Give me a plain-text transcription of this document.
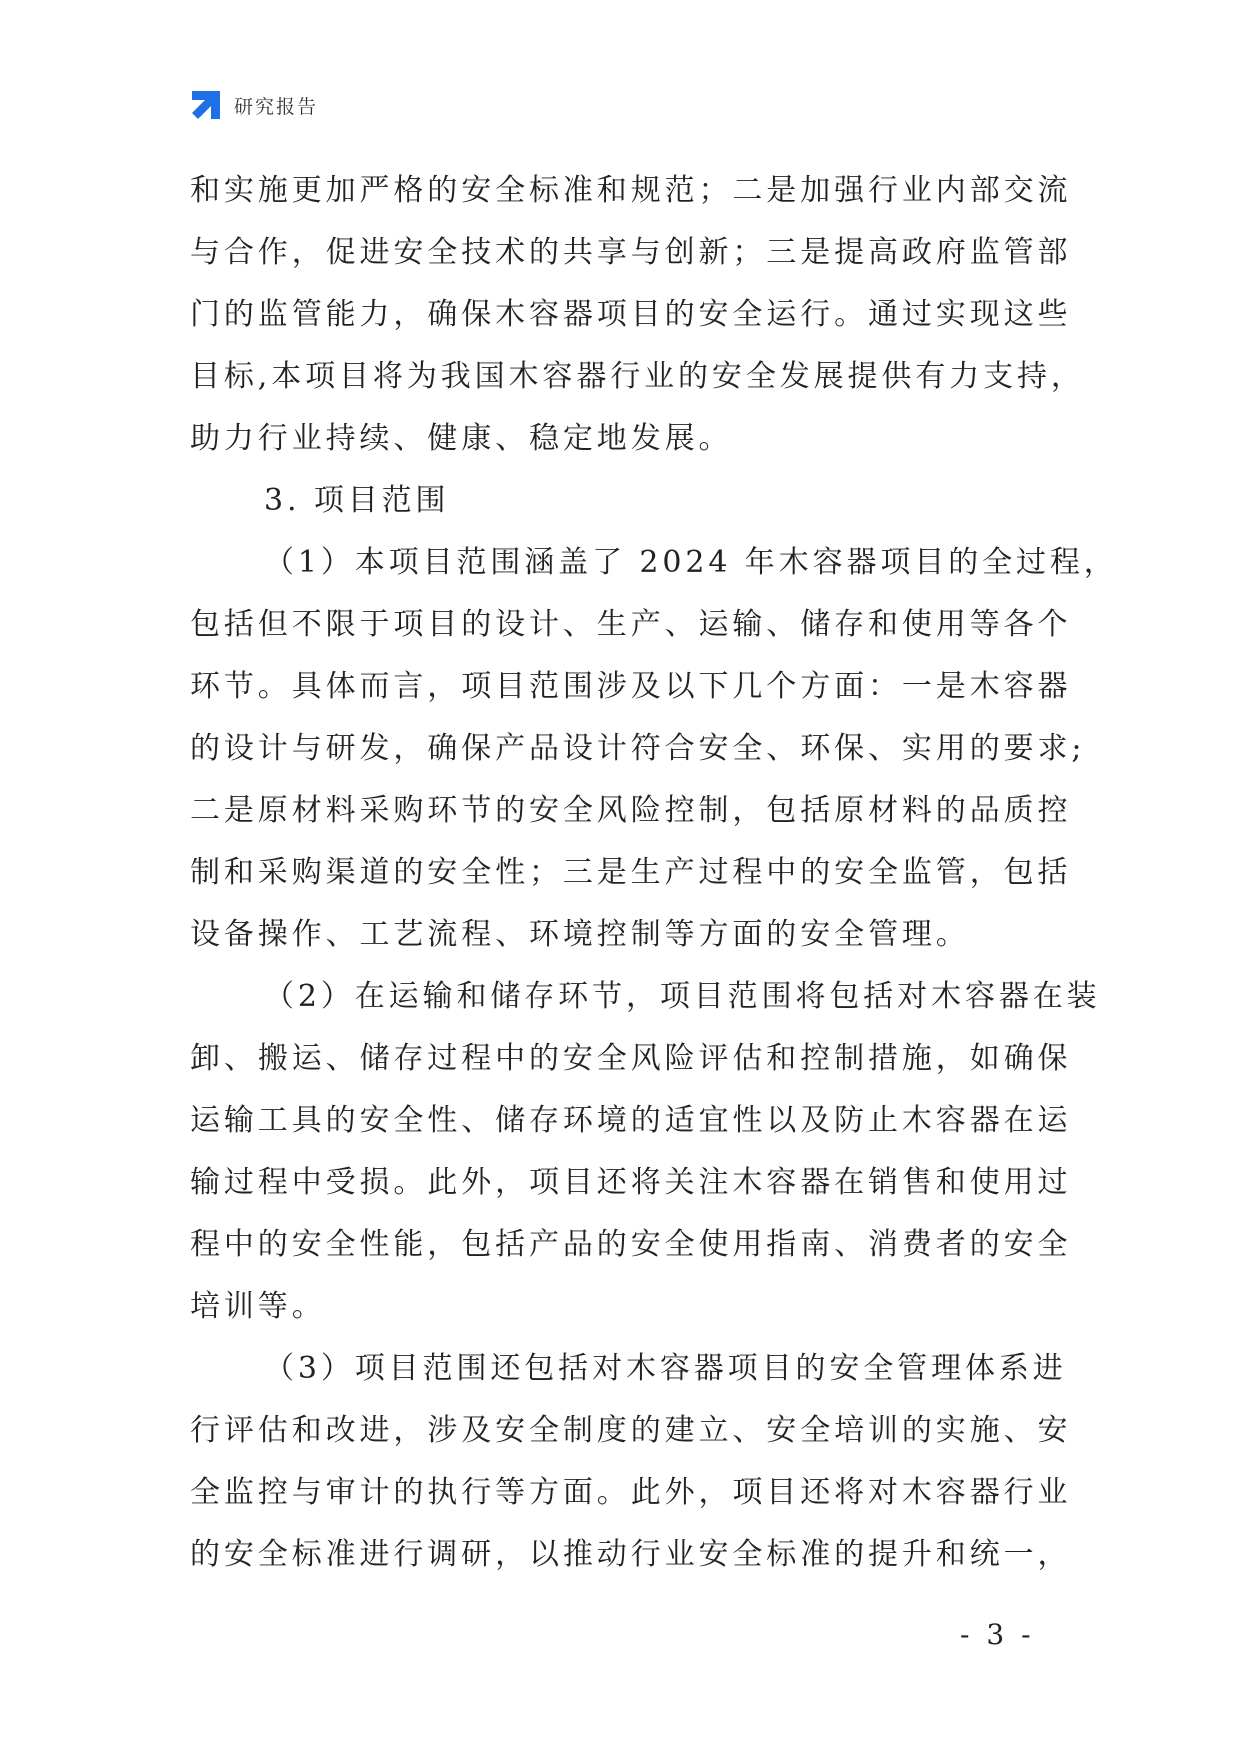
研究报告
和实施更加严格的安全标准和规范；二是加强行业内部交流
与合作，促进安全技术的共享与创新；三是提高政府监管部
门的监管能力，确保木容器项目的安全运行。通过实现这些
目标,本项目将为我国木容器行业的安全发展提供有力支持，
助力行业持续、健康、稳定地发展。
3. 项目范围
（1）本项目范围涵盖了 2024 年木容器项目的全过程，
包括但不限于项目的设计、生产、运输、储存和使用等各个
环节。具体而言，项目范围涉及以下几个方面：一是木容器
的设计与研发，确保产品设计符合安全、环保、实用的要求;
二是原材料采购环节的安全风险控制，包括原材料的品质控
制和采购渠道的安全性；三是生产过程中的安全监管，包括
设备操作、工艺流程、环境控制等方面的安全管理。
（2）在运输和储存环节，项目范围将包括对木容器在装
卸、搬运、储存过程中的安全风险评估和控制措施，如确保
运输工具的安全性、储存环境的适宜性以及防止木容器在运
输过程中受损。此外，项目还将关注木容器在销售和使用过
程中的安全性能，包括产品的安全使用指南、消费者的安全
培训等。
（3）项目范围还包括对木容器项目的安全管理体系进
行评估和改进，涉及安全制度的建立、安全培训的实施、安
全监控与审计的执行等方面。此外，项目还将对木容器行业
的安全标准进行调研，以推动行业安全标准的提升和统一，
- 3 -
